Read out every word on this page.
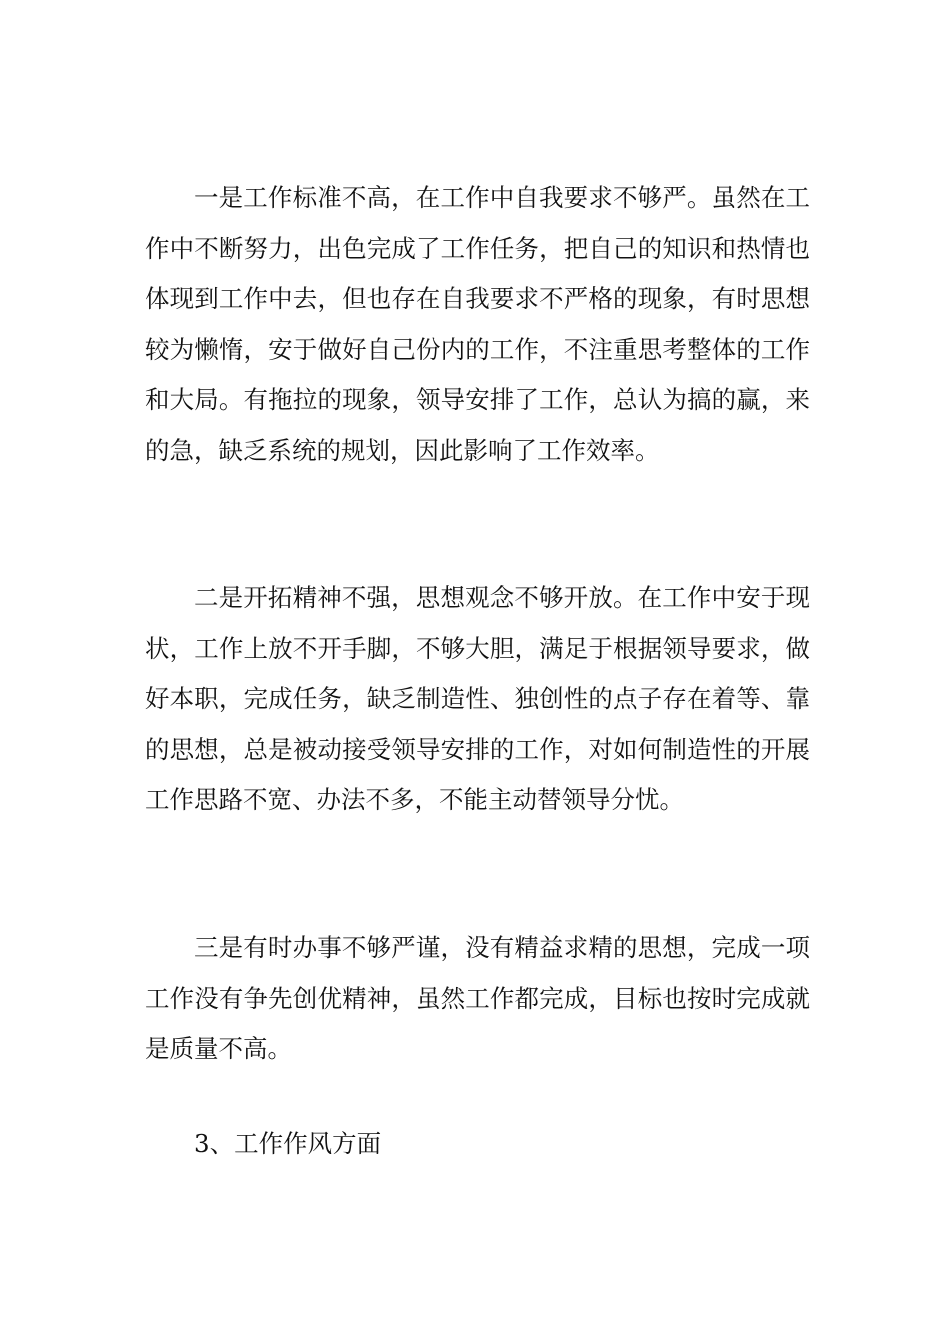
一是工作标准不高，在工作中自我要求不够严。虽然在工作中不断努力，出色完成了工作任务，把自己的知识和热情也体现到工作中去，但也存在自我要求不严格的现象，有时思想较为懒惰，安于做好自己份内的工作，不注重思考整体的工作和大局。有拖拉的现象，领导安排了工作，总认为搞的赢，来的急，缺乏系统的规划，因此影响了工作效率。

二是开拓精神不强，思想观念不够开放。在工作中安于现状，工作上放不开手脚，不够大胆，满足于根据领导要求，做好本职，完成任务，缺乏制造性、独创性的点子存在着等、靠的思想，总是被动接受领导安排的工作，对如何制造性的开展工作思路不宽、办法不多，不能主动替领导分忧。

三是有时办事不够严谨，没有精益求精的思想，完成一项工作没有争先创优精神，虽然工作都完成，目标也按时完成就是质量不高。

3、工作作风方面
